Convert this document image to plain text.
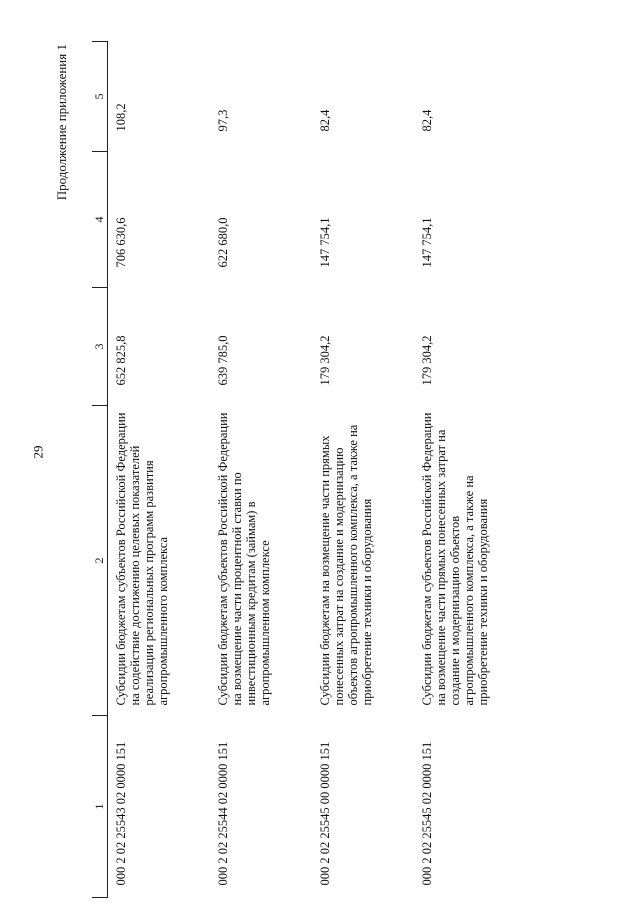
29
Продолжение приложения 1
1	2	3	4	5
000 2 02 25543 02 0000 151	Субсидии бюджетам субъектов Российской Федерации на содействие достижению целевых показателей реализации региональных программ развития агропромышленного комплекса	652 825,8	706 630,6	108,2
000 2 02 25544 02 0000 151	Субсидии бюджетам субъектов Российской Федерации на возмещение части процентной ставки по инвестиционным кредитам (займам) в агропромышленном комплексе	639 785,0	622 680,0	97,3
000 2 02 25545 00 0000 151	Субсидии бюджетам на возмещение части прямых понесенных затрат на создание и модернизацию объектов агропромышленного комплекса, а также на приобретение техники и оборудования	179 304,2	147 754,1	82,4
000 2 02 25545 02 0000 151	Субсидии бюджетам субъектов Российской Федерации на возмещение части прямых понесенных затрат на создание и модернизацию объектов агропромышленного комплекса, а также на приобретение техники и оборудования	179 304,2	147 754,1	82,4
